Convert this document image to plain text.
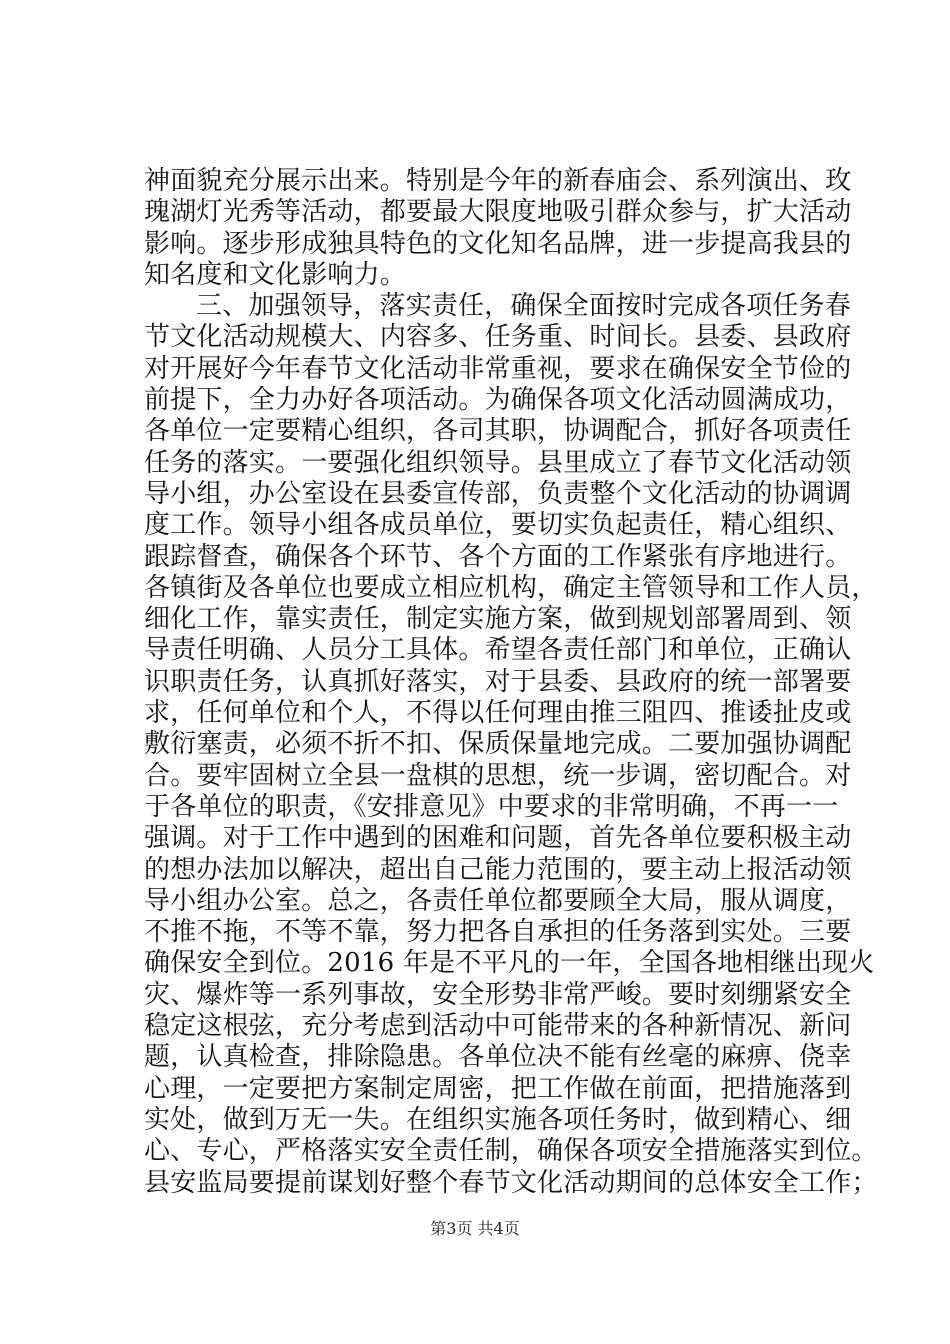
神面貌充分展示出来。特别是今年的新春庙会、系列演出、玫
瑰湖灯光秀等活动，都要最大限度地吸引群众参与，扩大活动
影响。逐步形成独具特色的文化知名品牌，进一步提高我县的
知名度和文化影响力。
三、加强领导，落实责任，确保全面按时完成各项任务春
节文化活动规模大、内容多、任务重、时间长。县委、县政府
对开展好今年春节文化活动非常重视，要求在确保安全节俭的
前提下，全力办好各项活动。为确保各项文化活动圆满成功，
各单位一定要精心组织，各司其职，协调配合，抓好各项责任
任务的落实。一要强化组织领导。县里成立了春节文化活动领
导小组，办公室设在县委宣传部，负责整个文化活动的协调调
度工作。领导小组各成员单位，要切实负起责任，精心组织、
跟踪督查，确保各个环节、各个方面的工作紧张有序地进行。
各镇街及各单位也要成立相应机构，确定主管领导和工作人员，
细化工作，靠实责任，制定实施方案，做到规划部署周到、领
导责任明确、人员分工具体。希望各责任部门和单位，正确认
识职责任务，认真抓好落实，对于县委、县政府的统一部署要
求，任何单位和个人，不得以任何理由推三阻四、推诿扯皮或
敷衍塞责，必须不折不扣、保质保量地完成。二要加强协调配
合。要牢固树立全县一盘棋的思想，统一步调，密切配合。对
于各单位的职责，《安排意见》中要求的非常明确，不再一一
强调。对于工作中遇到的困难和问题，首先各单位要积极主动
的想办法加以解决，超出自己能力范围的，要主动上报活动领
导小组办公室。总之，各责任单位都要顾全大局，服从调度，
不推不拖，不等不靠，努力把各自承担的任务落到实处。三要
确保安全到位。2016 年是不平凡的一年，全国各地相继出现火
灾、爆炸等一系列事故，安全形势非常严峻。要时刻绷紧安全
稳定这根弦，充分考虑到活动中可能带来的各种新情况、新问
题，认真检查，排除隐患。各单位决不能有丝毫的麻痹、侥幸
心理，一定要把方案制定周密，把工作做在前面，把措施落到
实处，做到万无一失。在组织实施各项任务时，做到精心、细
心、专心，严格落实安全责任制，确保各项安全措施落实到位。
县安监局要提前谋划好整个春节文化活动期间的总体安全工作；
第3页 共4页
